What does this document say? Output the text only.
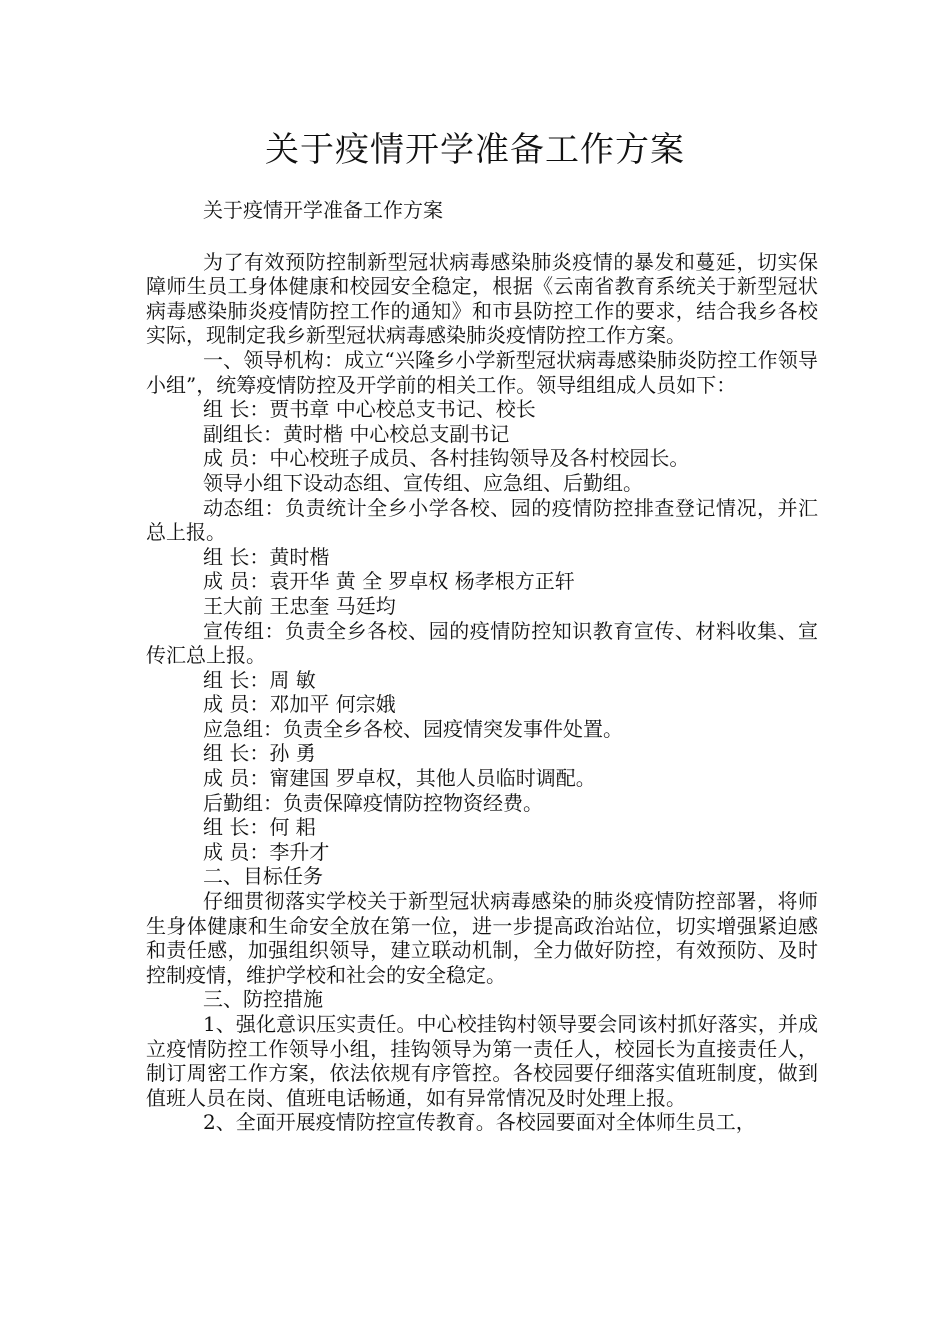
关于疫情开学准备工作方案

关于疫情开学准备工作方案

为了有效预防控制新型冠状病毒感染肺炎疫情的暴发和蔓延，切实保障师生员工身体健康和校园安全稳定，根据《云南省教育系统关于新型冠状病毒感染肺炎疫情防控工作的通知》和市县防控工作的要求，结合我乡各校实际，现制定我乡新型冠状病毒感染肺炎疫情防控工作方案。

一、领导机构：成立“兴隆乡小学新型冠状病毒感染肺炎防控工作领导小组”，统筹疫情防控及开学前的相关工作。领导组组成人员如下：

组 长：贾书章 中心校总支书记、校长

副组长：黄时楷 中心校总支副书记

成 员：中心校班子成员、各村挂钩领导及各村校园长。

领导小组下设动态组、宣传组、应急组、后勤组。

动态组：负责统计全乡小学各校、园的疫情防控排查登记情况，并汇总上报。

组 长：黄时楷

成 员：袁开华 黄 全 罗卓权 杨孝根方正轩

王大前 王忠奎 马廷均

宣传组：负责全乡各校、园的疫情防控知识教育宣传、材料收集、宣传汇总上报。

组 长：周 敏

成 员：邓加平 何宗娥

应急组：负责全乡各校、园疫情突发事件处置。

组 长：孙 勇

成 员：甯建国 罗卓权，其他人员临时调配。

后勤组：负责保障疫情防控物资经费。

组 长：何 耜

成 员：李升才

二、目标任务

仔细贯彻落实学校关于新型冠状病毒感染的肺炎疫情防控部署，将师生身体健康和生命安全放在第一位，进一步提高政治站位，切实增强紧迫感和责任感，加强组织领导，建立联动机制，全力做好防控，有效预防、及时控制疫情，维护学校和社会的安全稳定。

三、防控措施

1、强化意识压实责任。中心校挂钩村领导要会同该村抓好落实，并成立疫情防控工作领导小组，挂钩领导为第一责任人，校园长为直接责任人，制订周密工作方案，依法依规有序管控。各校园要仔细落实值班制度，做到值班人员在岗、值班电话畅通，如有异常情况及时处理上报。

2、全面开展疫情防控宣传教育。各校园要面对全体师生员工，
